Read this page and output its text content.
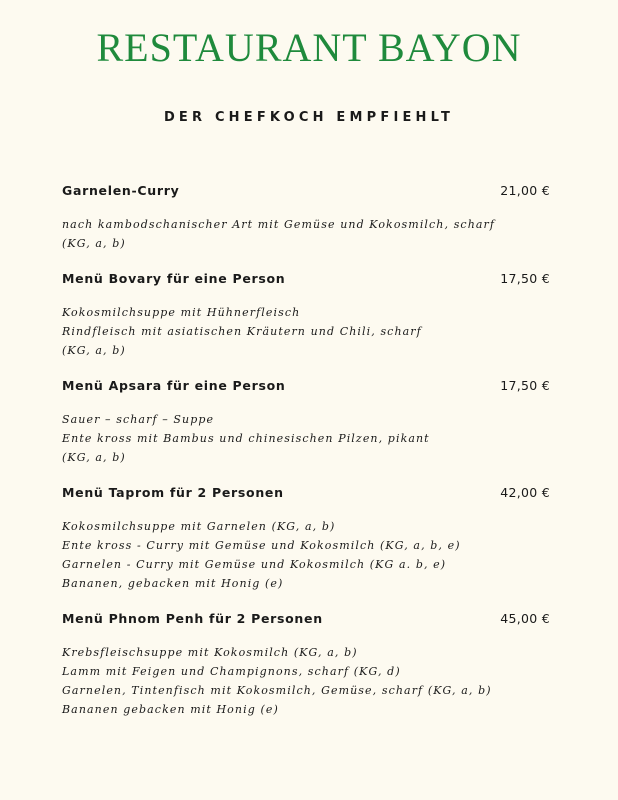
RESTAURANT BAYON
DER CHEFKOCH EMPFIEHLT
Garnelen-Curry	21,00 €
nach kambodschanischer Art mit Gemüse und Kokosmilch, scharf
(KG, a, b)
Menü Bovary für eine Person	17,50 €
Kokosmilchsuppe mit Hühnerfleisch
Rindfleisch mit asiatischen Kräutern und Chili, scharf
(KG, a, b)
Menü Apsara für eine Person	17,50 €
Sauer – scharf – Suppe
Ente kross mit Bambus und chinesischen Pilzen, pikant
(KG, a, b)
Menü Taprom für 2 Personen	42,00 €
Kokosmilchsuppe mit Garnelen (KG, a, b)
Ente kross - Curry mit Gemüse und Kokosmilch (KG, a, b, e)
Garnelen - Curry mit Gemüse und Kokosmilch (KG a. b, e)
Bananen, gebacken mit Honig (e)
Menü Phnom Penh für 2 Personen	45,00 €
Krebsfleischsuppe mit Kokosmilch (KG, a, b)
Lamm mit Feigen und Champignons, scharf (KG, d)
Garnelen, Tintenfisch mit Kokosmilch, Gemüse, scharf (KG, a, b)
Bananen gebacken mit Honig (e)
